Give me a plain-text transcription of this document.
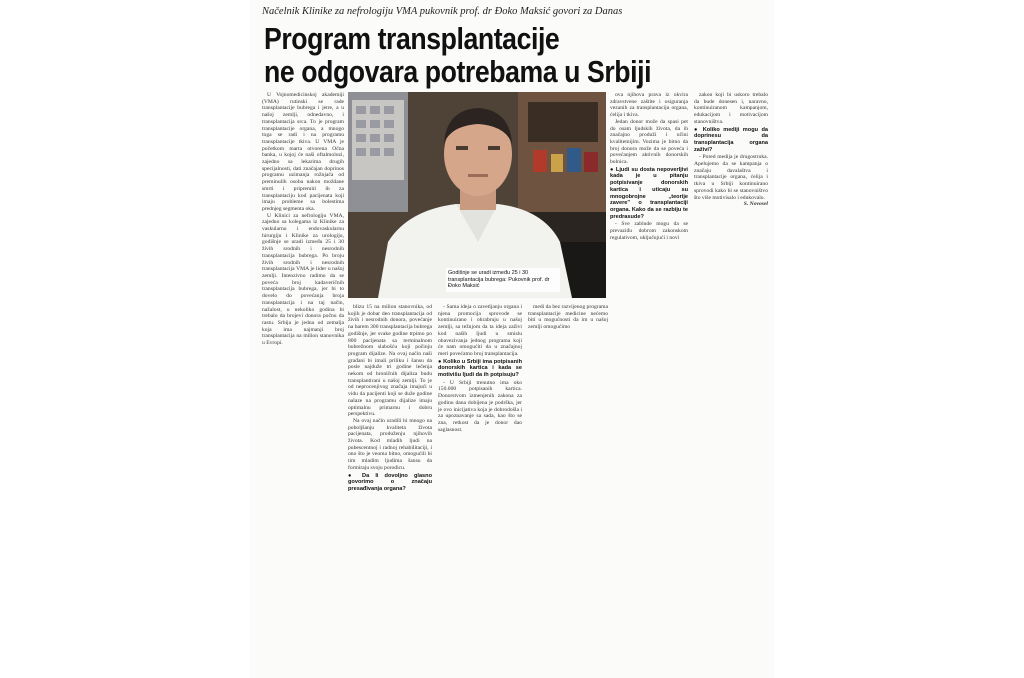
Načelnik Klinike za nefrologiju VMA pukovnik prof. dr Đoko Maksić govori za Danas
Program transplantacije
ne odgovara potrebama u Srbiji

U Vojnomedicinskoj akademiji (VMA) rutinski se rade transplantacije bubrega i jetre, a u našoj zemlji, odnedavno, i transplantacija srca. To je program transplantacije organa, a mnogo toga se radi i na programu transplantacije tkiva. U VMA je početkom marta otvorena Očna banka, u kojoj će naši oftalmolozi, zajedno sa lekarima drugih specijalnosti, dati značajan doprinos programu uzimanja rožnjača od preminulih osoba nakon moždane smrti i pripremiti ih za transplantaciju kod pacijenata koji imaju probleme sa bolestima prednjeg segmenta oka.

U Klinici za nefrologiju VMA, zajedno sa kolegama iz Klinike za vaskularnu i endovaskularnu hirurgiju i Klinike za urologiju, godišnje se uradi između 25 i 30 živih srodnih i nesrodnih transplantacija bubrega. Po broju živih srodnih i nesrodnih transplantacija VMA je lider u našoj zemlji. Intenzivno radimo da se poveća broj kadaveričnih transplantacija bubrega, jer bi to dovelo do povećanja broja transplantacija i na taj način, nažalost, u nekoliko godina bi trebalo da brojevi donora počnu da rastu. Srbija je jedna od zemalja koja ima najmanji broj transplantacija na milion stanovnika u Evropi.

Godišnje se uradi između 25 i 30 transplantacija bubrega: Pukovnik prof. dr Đoko Maksić

ova njihova prava iz okvira zdravstvene zaštite i osiguranja vezanih za transplantaciju organa, ćelija i tkiva.

Jedan donor može da spasi pet do osam ljudskih života, da ih značajno produži i učini kvalitetnijim. Vozima je bitno da broj donora može da se poveća i povećanjem aktivnih donorskih bolnica.

● Ljudi su dosta nepoverljivi kada je u pitanju potpisivanje donorskih kartica i uticaju su mnogobrojne „teorije zavere" o transplantaciji organa. Kako da se razbiju te predrasude?

- Sve zablude mogu da se prevaziđu dobrom zakonskom regulativom, uključujući i novi

zakon koji bi uskoro trebalo da bude donesen i, naravno, kontinuiranom kampanjom, edukacijom i motivacijom stanovništva.

● Koliko mediji mogu da doprinesu da transplantacija organa zaživi?

- Pored medija je drugostruka. Apelujemo da se kampanja o značaju davalaštva i transplantacije organa, ćelija i tkiva u Srbiji kontinuirano sprovodi kako bi se stanovništvo što više motivisalo i edukovalo.

S. Novosel

blizu 15 na milion stanovnika, od kojih je dobar deo transplantacija od živih i nesrodnih donora, povećanje na barem 300 transplantacija bubrega godišnje, jer svake godine trpimo po 800 pacijenata sa terminalnom bubrežnom slabošću koji počinju program dijalize. Na ovaj način naši građani bi imali priliku i šansu da posle najduže tri godine lečenja nekom od hroničnih dijaliza budu transplantirani u našoj zemlji. To je od neprocenjivog značaja imajući u vidu da pacijenti koji se duže godine nalaze na programu dijalize imaju optimalnu primarnu i dobru perspektivu.

Na ovaj način uradili bi mnogo na poboljšanju kvaliteta života pacijenata, produženju njihovih života. Kod mladih ljudi na pubescentnoj i radnoj rehabilitaciji, i ono što je veoma bitno, omogućili bi tim mladim ljudima šansu da formiraju svoju porodicu.

● Da li dovoljno glasno govorimo o značaju presađivanja organa?

- Sama ideja o zavetljanju organa i njena promocija sprovode se kontinuirano i ohrabruju u našoj zemlji, sa težnjom da ta ideja zaživi kod naših ljudi u smislu obavezivanja jednog programa koji će nam omogućiti da u značajnoj meri povećamo broj transplantacija.

● Koliko u Srbiji ima potpisanih donorskih kartica i kada se motivišu ljudi da ih potpisuju?

- U Srbiji trenutno ima oko 150.000 potpisanih kartica. Donorstvom izmenjenih zakona za godinu dana dobijena je podrška, jer je ovo inicijativa koja je dobrodošla i za upoznavanje sa sada, kao što se zna, retkost da je donor dao saglasnost.

medi da bez razvijenog programa transplantacije medicine nećemo biti u mogućnosti da im u našoj zemlji omogućimo
